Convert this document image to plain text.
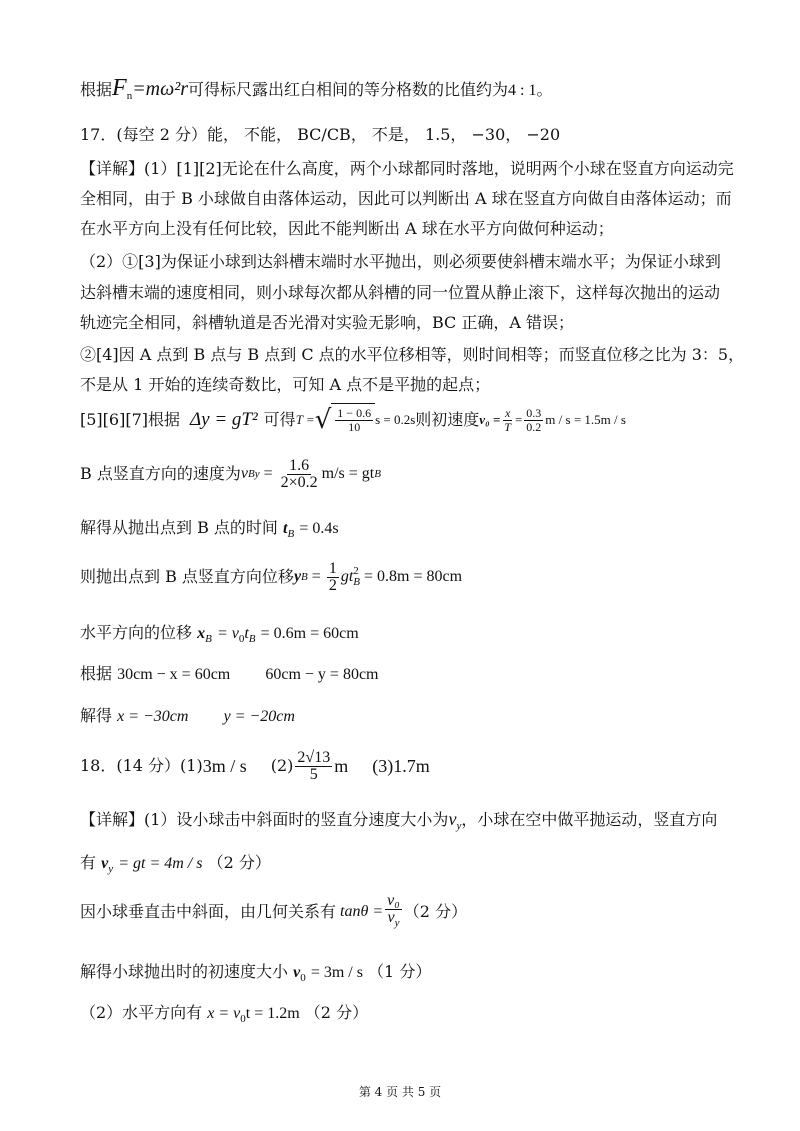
根据$F_n=m\omega^2r$可得标尺露出红白相间的等分格数的比值约为4 : 1。
17．(每空 2 分）能， 不能， BC/CB， 不是， 1.5， −30， −20
【详解】(1）[1][2]无论在什么高度，两个小球都同时落地，说明两个小球在竖直方向运动完
全相同，由于 B 小球做自由落体运动，因此可以判断出 A 球在竖直方向做自由落体运动；而
在水平方向上没有任何比较，因此不能判断出 A 球在水平方向做何种运动；
（2）①[3]为保证小球到达斜槽末端时水平抛出，则必须要使斜槽末端水平；为保证小球到
达斜槽末端的速度相同，则小球每次都从斜槽的同一位置从静止滚下，这样每次抛出的运动
轨迹完全相同，斜槽轨道是否光滑对实验无影响，BC 正确，A 错误；
②[4]因 A 点到 B 点与 B 点到 C 点的水平位移相等，则时间相等；而竖直位移之比为 3：5，
不是从 1 开始的连续奇数比，可知 A 点不是平抛的起点；
[5][6][7]根据 Δy = gT² 可得 T = √ $\frac{1 - 0.6}{10}$ s = 0.2s 则初速度 $v_0 = \frac{x}{T} = \frac{0.3}{0.2}$ m / s = 1.5m / s
B 点竖直方向的速度为 v $By = \frac{1.6}{2\times 0.2} m/s$ = gt B
解得从抛出点到 B 点的时间 $t_B = 0.4s$
则抛出点到 B 点竖直方向位移 y $B = \frac{1}{2}$ gt 2
B = 0.8m = 80cm
水平方向的位移 $x_B = v_0t_B = 0.6m = 60cm$
根据 30cm − x = 60cm 60cm − y = 80cm
解得 x = −30cm y = −20cm
18．(14 分）(1) 3m / s $(2) \frac{2√13}{5}$ m (3)1.7m
【详解】(1）设小球击中斜面时的竖直分速度大小为$v_y$，小球在空中做平抛运动，竖直方向
有 $v_y$ = gt = 4m / s （2 分）
因小球垂直击中斜面，由几何关系有 $\tan\theta = \frac{\text{v₀}}{v_y} (2$ 分）
解得小球抛出时的初速度大小 $v_0 = 3m / s$ （1 分）
（2）水平方向有 $x = v_0t = 1.2m$ （2 分）
第 4 页 共 5 页
